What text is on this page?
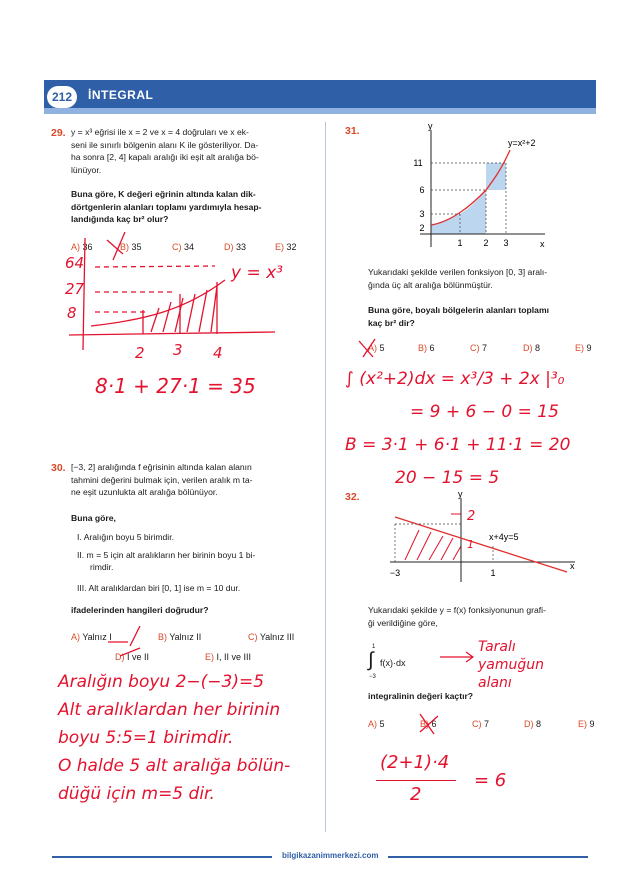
212	İNTEGRAL
29. y = x³ eğrisi ile x = 2 ve x = 4 doğruları ve x ek-
seni ile sınırlı bölgenin alanı K ile gösteriliyor. Da-
ha sonra [2, 4] kapalı aralığı iki eşit alt aralığa bö-
lünüyor.
Buna göre, K değeri eğrinin altında kalan dik-
dörtgenlerin alanları toplamı yardımıyla hesap-
landığında kaç br² olur?
A) 36	B) 35	C) 34	D) 33	E) 32
64
27
8
y = x³
2 3 4
8·1 + 27·1 = 35
30. [−3, 2] aralığında f eğrisinin altında kalan alanın
tahmini değerini bulmak için, verilen aralık m ta-
ne eşit uzunlukta alt aralığa bölünüyor.
Buna göre,
I. Aralığın boyu 5 birimdir.
II. m = 5 için alt aralıkların her birinin boyu 1 bi-
rimdir.
III. Alt aralıklardan biri [0, 1] ise m = 10 dur.
ifadelerinden hangileri doğrudur?
A) Yalnız I	B) Yalnız II	C) Yalnız III
D) I ve II	E) I, II ve III
Aralığın boyu 2−(−3)=5
Alt aralıklardan her birinin
boyu 5:5=1 birimdir.
O halde 5 alt aralığa bölün-
düğü için m=5 dir.
31.	y
x
y=x²+2
11
6
3
2
1 2 3
Yukarıdaki şekilde verilen fonksiyon [0, 3] aralı-
ğında üç alt aralığa bölünmüştür.
Buna göre, boyalı bölgelerin alanları toplamı
kaç br² dir?
A) 5	B) 6	C) 7	D) 8	E) 9
∫ (x²+2)dx = x³/3 + 2x |³₀
= 9 + 6 − 0 = 15
B = 3·1 + 6·1 + 11·1 = 20
20 − 15 = 5
32.	y
x
x+4y=5
−3	1
2
1
Yukarıdaki şekilde y = f(x) fonksiyonunun grafi-
ği verildiğine göre,
1
∫
−3
f(x)·dx
Taralı yamuğun alanı
integralinin değeri kaçtır?
A) 5	B) 6	C) 7	D) 8	E) 9
(2+1)·4
2
= 6
bilgikazanimmerkezi.com
